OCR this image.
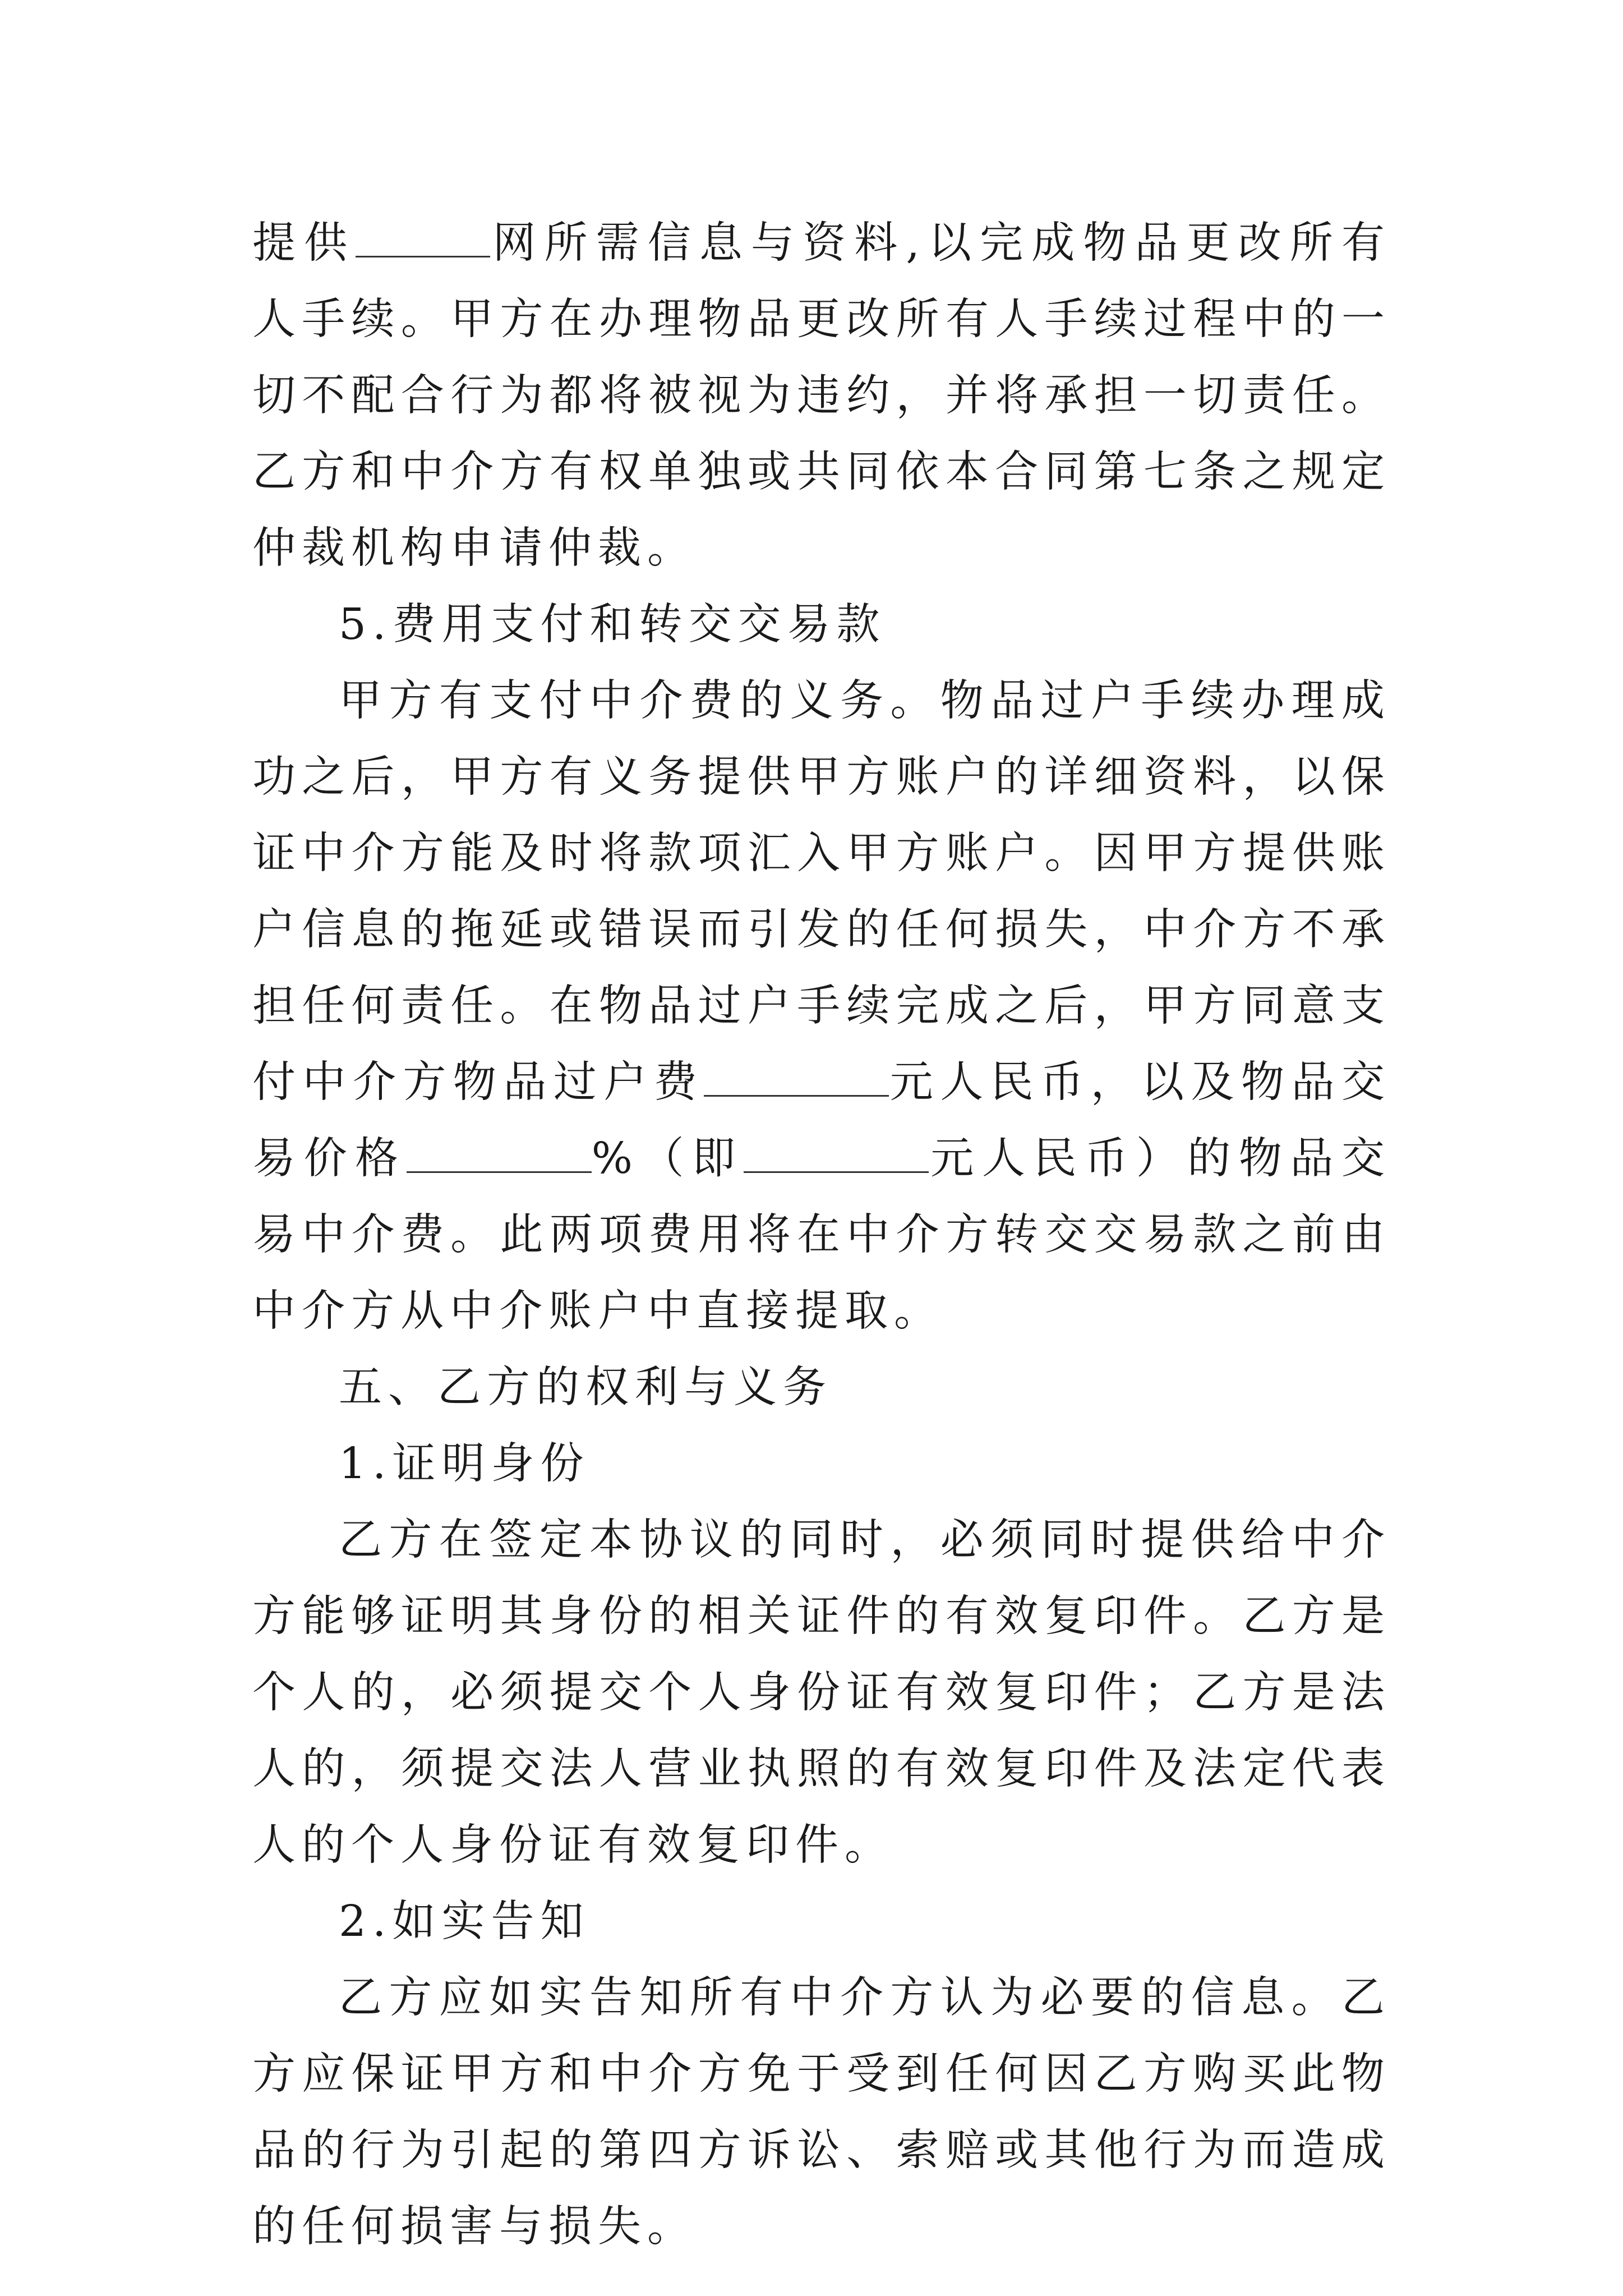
提供	网所需信息与资料,以完成物品更改所有人手续。甲方在办理物品更改所有人手续过程中的一切不配合行为都将被视为违约，并将承担一切责任。乙方和中介方有权单独或共同依本合同第七条之规定仲裁机构申请仲裁。

5.费用支付和转交交易款

甲方有支付中介费的义务。物品过户手续办理成功之后，甲方有义务提供甲方账户的详细资料，以保证中介方能及时将款项汇入甲方账户。因甲方提供账户信息的拖延或错误而引发的任何损失，中介方不承担任何责任。在物品过户手续完成之后，甲方同意支付中介方物品过户费	元人民币，以及物品交易价格	%（即	元人民币）的物品交易中介费。此两项费用将在中介方转交交易款之前由中介方从中介账户中直接提取。

五、乙方的权利与义务

1.证明身份

乙方在签定本协议的同时，必须同时提供给中介方能够证明其身份的相关证件的有效复印件。乙方是个人的，必须提交个人身份证有效复印件；乙方是法人的，须提交法人营业执照的有效复印件及法定代表人的个人身份证有效复印件。

2.如实告知

乙方应如实告知所有中介方认为必要的信息。乙方应保证甲方和中介方免于受到任何因乙方购买此物品的行为引起的第四方诉讼、索赔或其他行为而造成的任何损害与损失。
